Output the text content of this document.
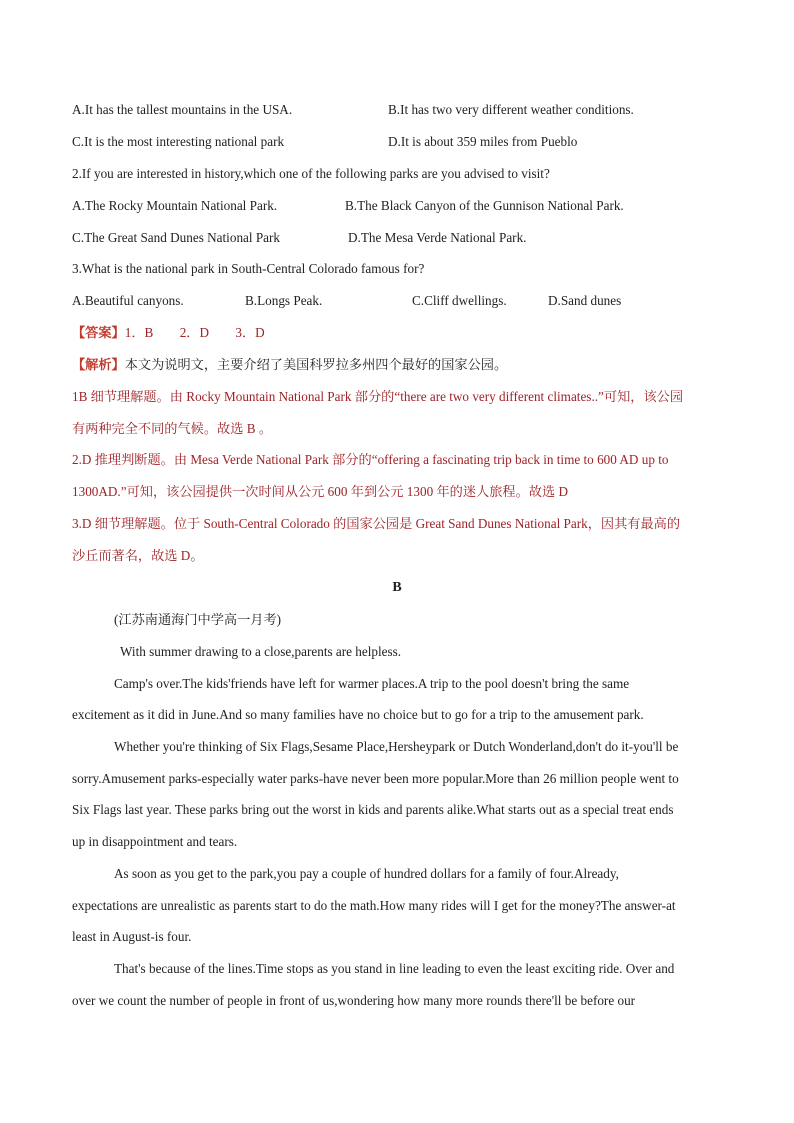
A.It has the tallest mountains in the USA.	B.It has two very different weather conditions.
C.It is the most interesting national park	D.It is about 359 miles from Pueblo
2.If you are interested in history,which one of the following parks are you advised to visit?
A.The Rocky Mountain National Park.	B.The Black Canyon of the Gunnison National Park.
C.The Great Sand Dunes National Park	D.The Mesa Verde National Park.
3.What is the national park in South-Central Colorado famous for?
A.Beautiful canyons.	B.Longs Peak.	C.Cliff dwellings.	D.Sand dunes
【答案】1．B　　2．D　　3．D
【解析】本文为说明文，主要介绍了美国科罗拉多州四个最好的国家公园。
1B 细节理解题。由 Rocky Mountain National Park 部分的“there are two very different climates..”可知，该公园
有两种完全不同的气候。故选 B 。
2.D 推理判断题。由 Mesa Verde National Park 部分的“offering a fascinating trip back in time to 600 AD up to
1300AD.”可知，该公园提供一次时间从公元 600 年到公元 1300 年的迷人旅程。故选 D
3.D 细节理解题。位于 South-Central Colorado 的国家公园是 Great Sand Dunes National Park，因其有最高的
沙丘而著名，故选 D。
B
(江苏南通海门中学高一月考)
With summer drawing to a close,parents are helpless.
Camp's over.The kids'friends have left for warmer places.A trip to the pool doesn't bring the same
excitement as it did in June.And so many families have no choice but to go for a trip to the amusement park.
Whether you're thinking of Six Flags,Sesame Place,Hersheypark or Dutch Wonderland,don't do it-you'll be
sorry.Amusement parks-especially water parks-have never been more popular.More than 26 million people went to
Six Flags last year. These parks bring out the worst in kids and parents alike.What starts out as a special treat ends
up in disappointment and tears.
As soon as you get to the park,you pay a couple of hundred dollars for a family of four.Already,
expectations are unrealistic as parents start to do the math.How many rides will I get for the money?The answer-at
least in August-is four.
That's because of the lines.Time stops as you stand in line leading to even the least exciting ride. Over and
over we count the number of people in front of us,wondering how many more rounds there'll be before our
